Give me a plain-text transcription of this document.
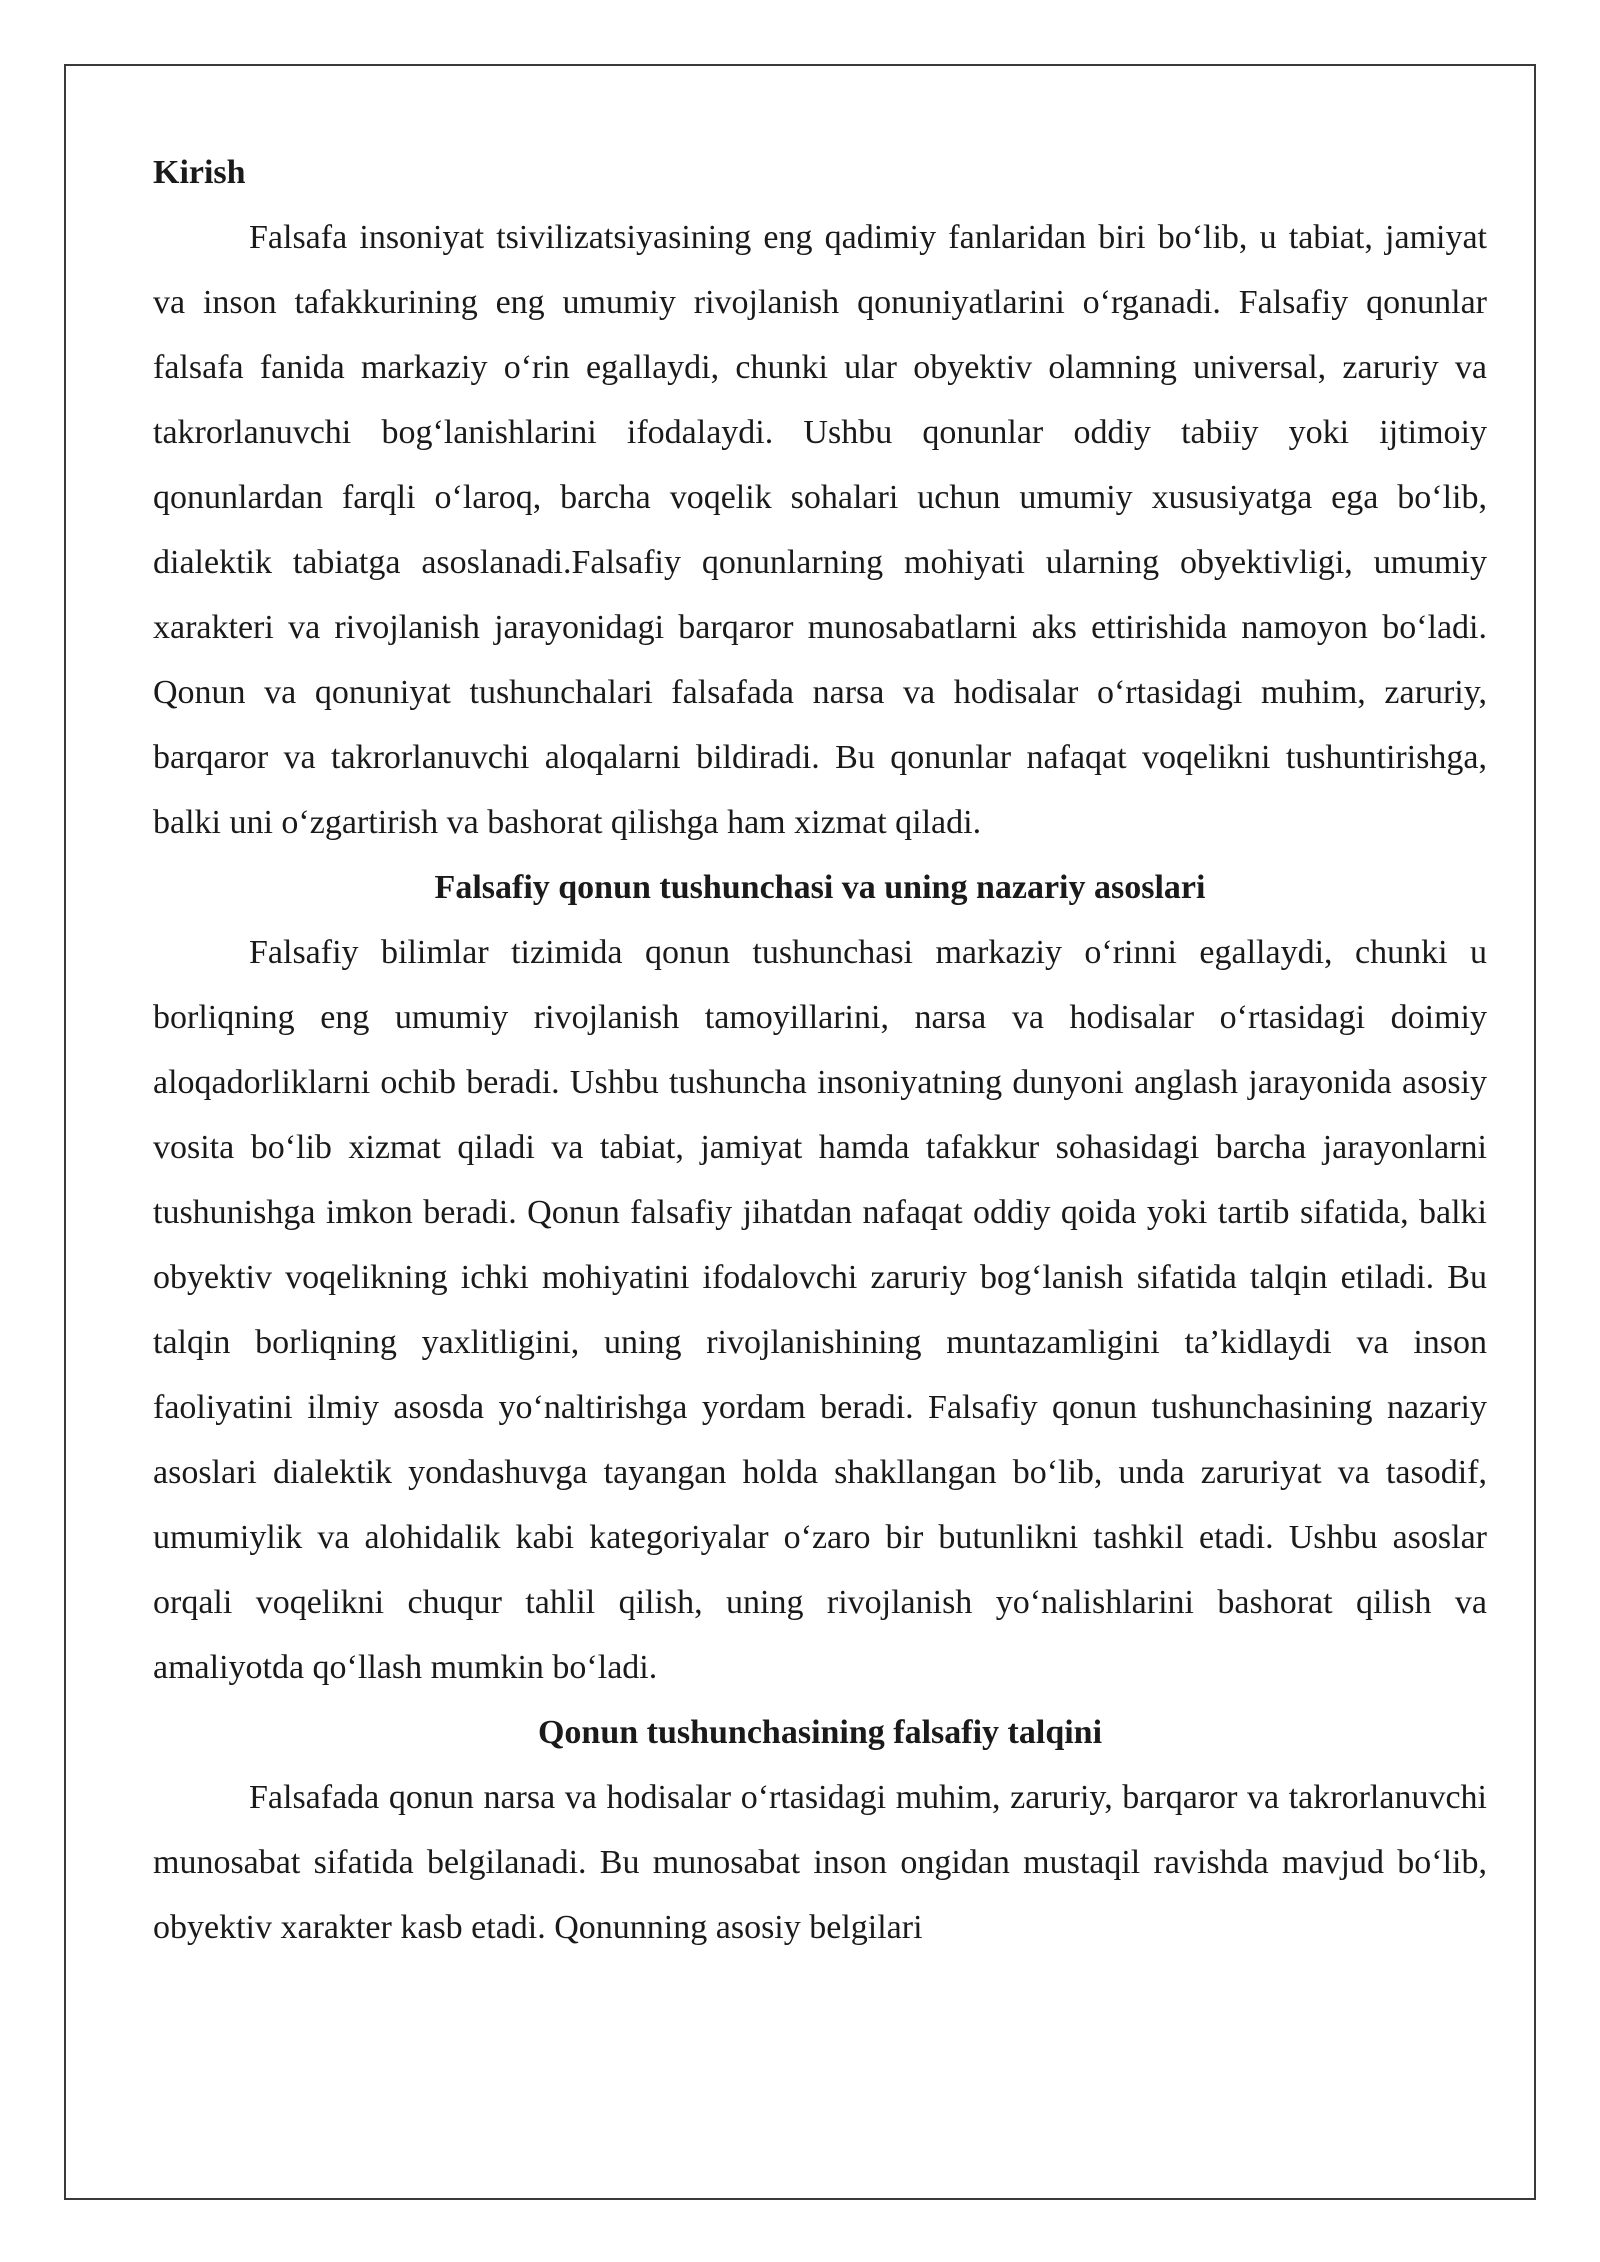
Kirish

Falsafa insoniyat tsivilizatsiyasining eng qadimiy fanlaridan biri bo‘lib, u tabiat, jamiyat va inson tafakkurining eng umumiy rivojlanish qonuniyatlarini o‘rganadi. Falsafiy qonunlar falsafa fanida markaziy o‘rin egallaydi, chunki ular obyektiv olamning universal, zaruriy va takrorlanuvchi bog‘lanishlarini ifodalaydi. Ushbu qonunlar oddiy tabiiy yoki ijtimoiy qonunlardan farqli o‘laroq, barcha voqelik sohalari uchun umumiy xususiyatga ega bo‘lib, dialektik tabiatga asoslanadi.Falsafiy qonunlarning mohiyati ularning obyektivligi, umumiy xarakteri va rivojlanish jarayonidagi barqaror munosabatlarni aks ettirishida namoyon bo‘ladi. Qonun va qonuniyat tushunchalari falsafada narsa va hodisalar o‘rtasidagi muhim, zaruriy, barqaror va takrorlanuvchi aloqalarni bildiradi. Bu qonunlar nafaqat voqelikni tushuntirishga, balki uni o‘zgartirish va bashorat qilishga ham xizmat qiladi.

Falsafiy qonun tushunchasi va uning nazariy asoslari

Falsafiy bilimlar tizimida qonun tushunchasi markaziy o‘rinni egallaydi, chunki u borliqning eng umumiy rivojlanish tamoyillarini, narsa va hodisalar o‘rtasidagi doimiy aloqadorliklarni ochib beradi. Ushbu tushuncha insoniyatning dunyoni anglash jarayonida asosiy vosita bo‘lib xizmat qiladi va tabiat, jamiyat hamda tafakkur sohasidagi barcha jarayonlarni tushunishga imkon beradi. Qonun falsafiy jihatdan nafaqat oddiy qoida yoki tartib sifatida, balki obyektiv voqelikning ichki mohiyatini ifodalovchi zaruriy bog‘lanish sifatida talqin etiladi. Bu talqin borliqning yaxlitligini, uning rivojlanishining muntazamligini ta’kidlaydi va inson faoliyatini ilmiy asosda yo‘naltirishga yordam beradi. Falsafiy qonun tushunchasining nazariy asoslari dialektik yondashuvga tayangan holda shakllangan bo‘lib, unda zaruriyat va tasodif, umumiylik va alohidalik kabi kategoriyalar o‘zaro bir butunlikni tashkil etadi. Ushbu asoslar orqali voqelikni chuqur tahlil qilish, uning rivojlanish yo‘nalishlarini bashorat qilish va amaliyotda qo‘llash mumkin bo‘ladi.

Qonun tushunchasining falsafiy talqini

Falsafada qonun narsa va hodisalar o‘rtasidagi muhim, zaruriy, barqaror va takrorlanuvchi munosabat sifatida belgilanadi. Bu munosabat inson ongidan mustaqil ravishda mavjud bo‘lib, obyektiv xarakter kasb etadi. Qonunning asosiy belgilari
